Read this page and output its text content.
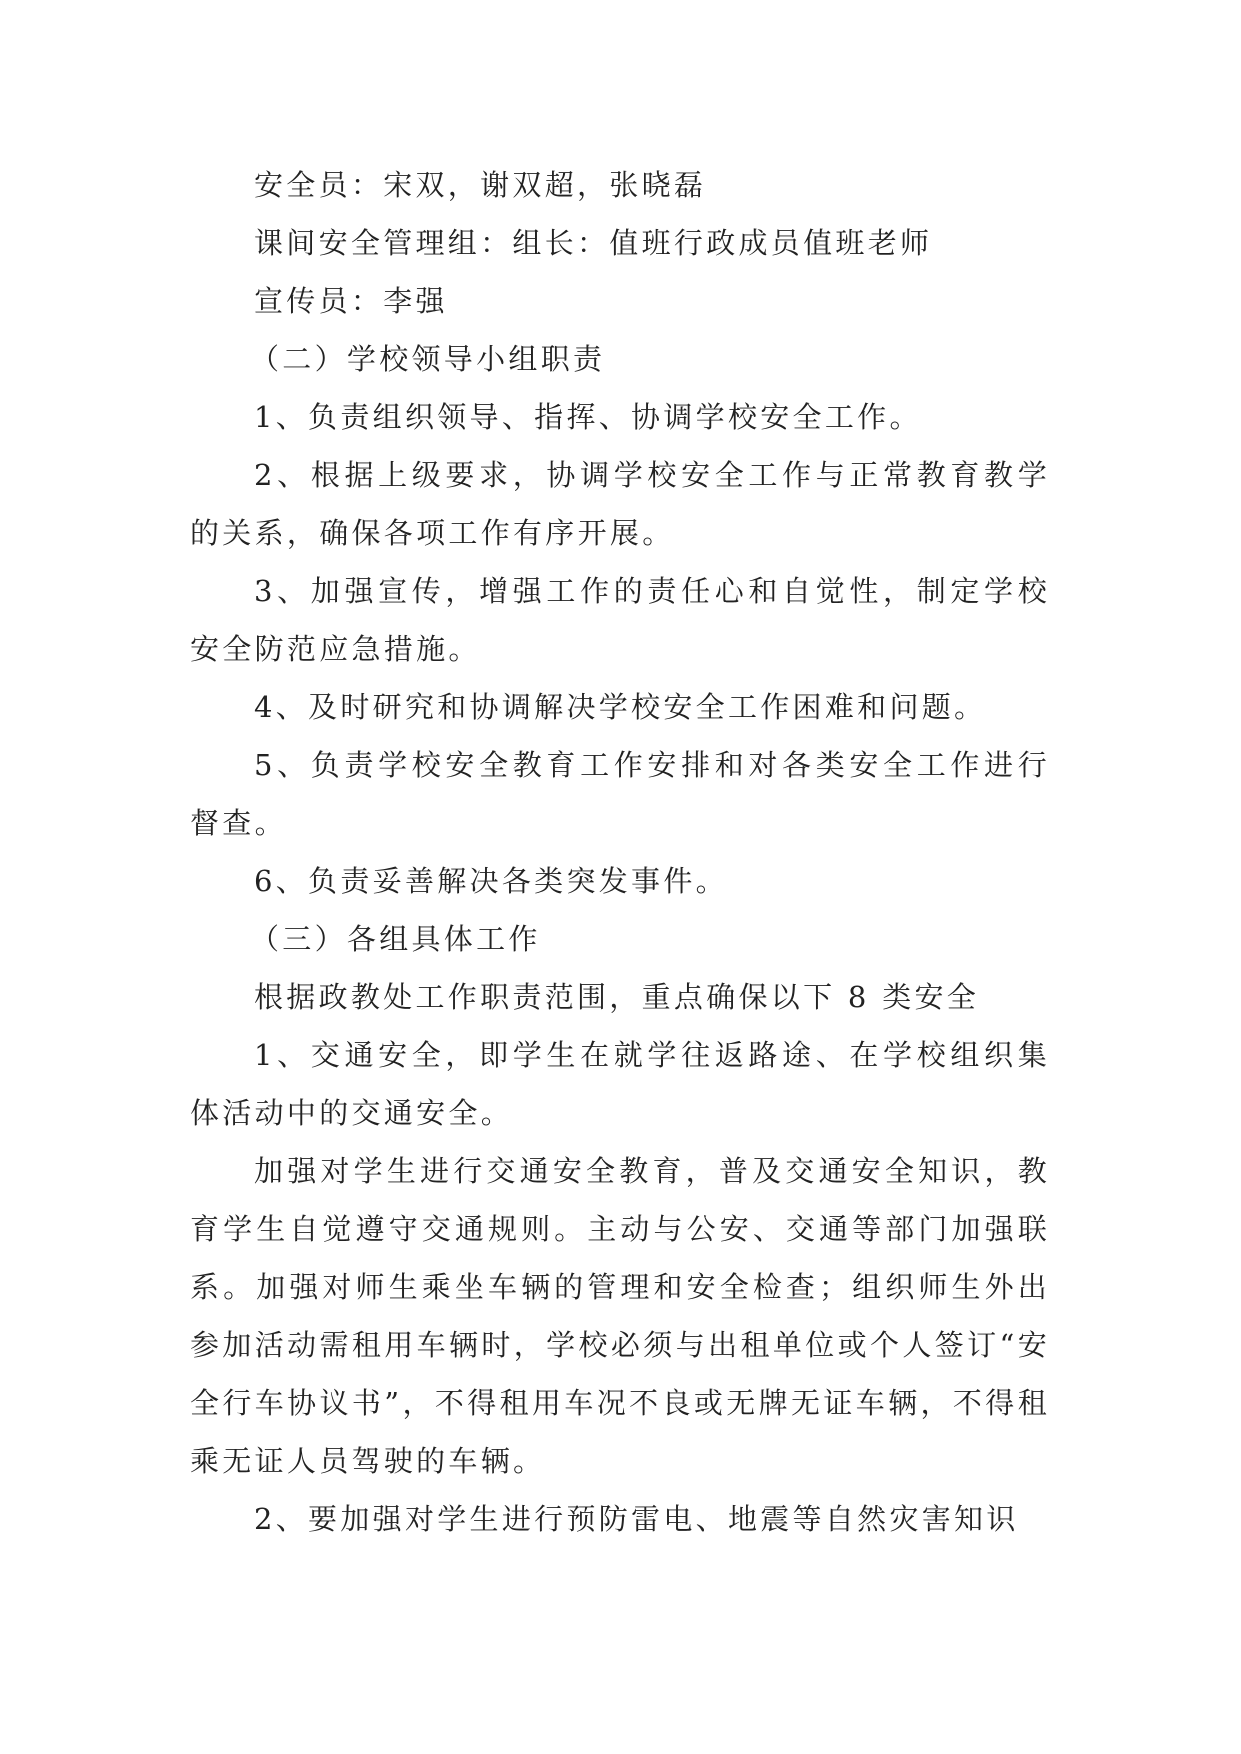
安全员：宋双，谢双超，张晓磊

课间安全管理组：组长：值班行政成员值班老师

宣传员：李强

（二）学校领导小组职责

1、负责组织领导、指挥、协调学校安全工作。

2、根据上级要求，协调学校安全工作与正常教育教学的关系，确保各项工作有序开展。

3、加强宣传，增强工作的责任心和自觉性，制定学校安全防范应急措施。

4、及时研究和协调解决学校安全工作困难和问题。

5、负责学校安全教育工作安排和对各类安全工作进行督查。

6、负责妥善解决各类突发事件。

（三）各组具体工作

根据政教处工作职责范围，重点确保以下 8 类安全

1、交通安全，即学生在就学往返路途、在学校组织集体活动中的交通安全。

加强对学生进行交通安全教育，普及交通安全知识，教育学生自觉遵守交通规则。主动与公安、交通等部门加强联系。加强对师生乘坐车辆的管理和安全检查；组织师生外出参加活动需租用车辆时，学校必须与出租单位或个人签订“安全行车协议书”，不得租用车况不良或无牌无证车辆，不得租乘无证人员驾驶的车辆。

2、要加强对学生进行预防雷电、地震等自然灾害知识
